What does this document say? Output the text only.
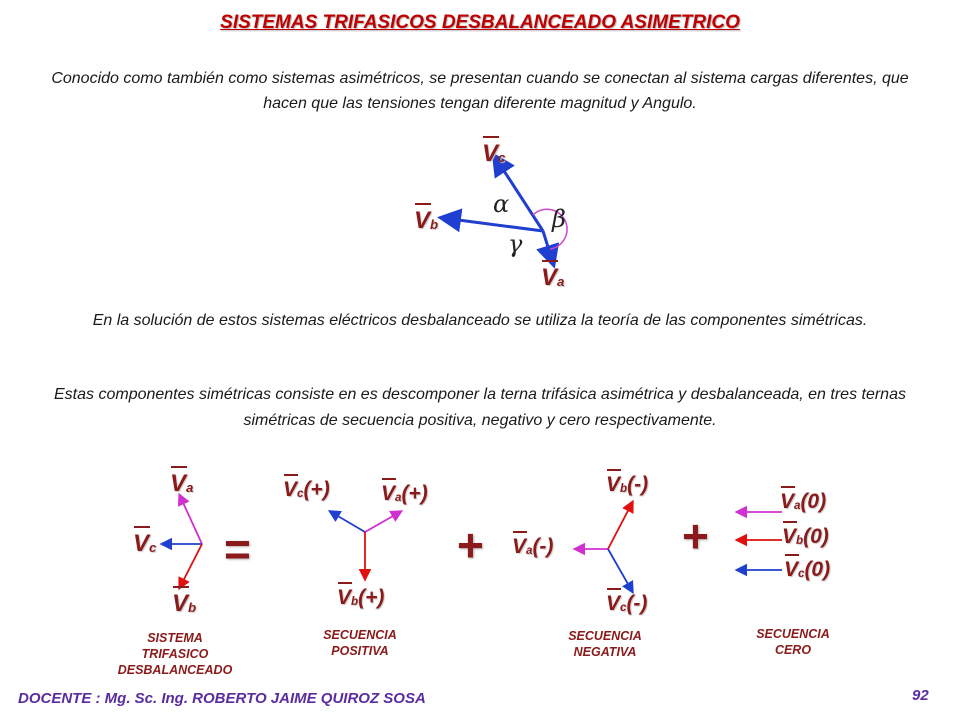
SISTEMAS TRIFASICOS DESBALANCEADO ASIMETRICO
Conocido como también como sistemas asimétricos, se presentan cuando se conectan al sistema cargas diferentes, que hacen que las tensiones tengan diferente magnitud y Angulo.
$V_c$
$V_b$
$V_a$
α
β
γ
En la solución de estos sistemas eléctricos desbalanceado se utiliza la teoría de las componentes simétricas.
Estas componentes simétricas consiste en es descomponer la terna trifásica asimétrica y desbalanceada, en tres ternas simétricas de secuencia positiva, negativo y cero respectivamente.
$V_a$
$V_c$
$V_b$
SISTEMA
TRIFASICO
DESBALANCEADO
=
$V_c(+)$ $V_a(+)$
$V_b(+)$
SECUENCIA
POSITIVA
+
$V_b(-)$
$V_a(-)$
$V_c(-)$
SECUENCIA
NEGATIVA
+
$V_a(0)$
$V_b(0)$
$V_c(0)$
SECUENCIA
CERO
DOCENTE : Mg. Sc. Ing. ROBERTO JAIME QUIROZ SOSA	92
